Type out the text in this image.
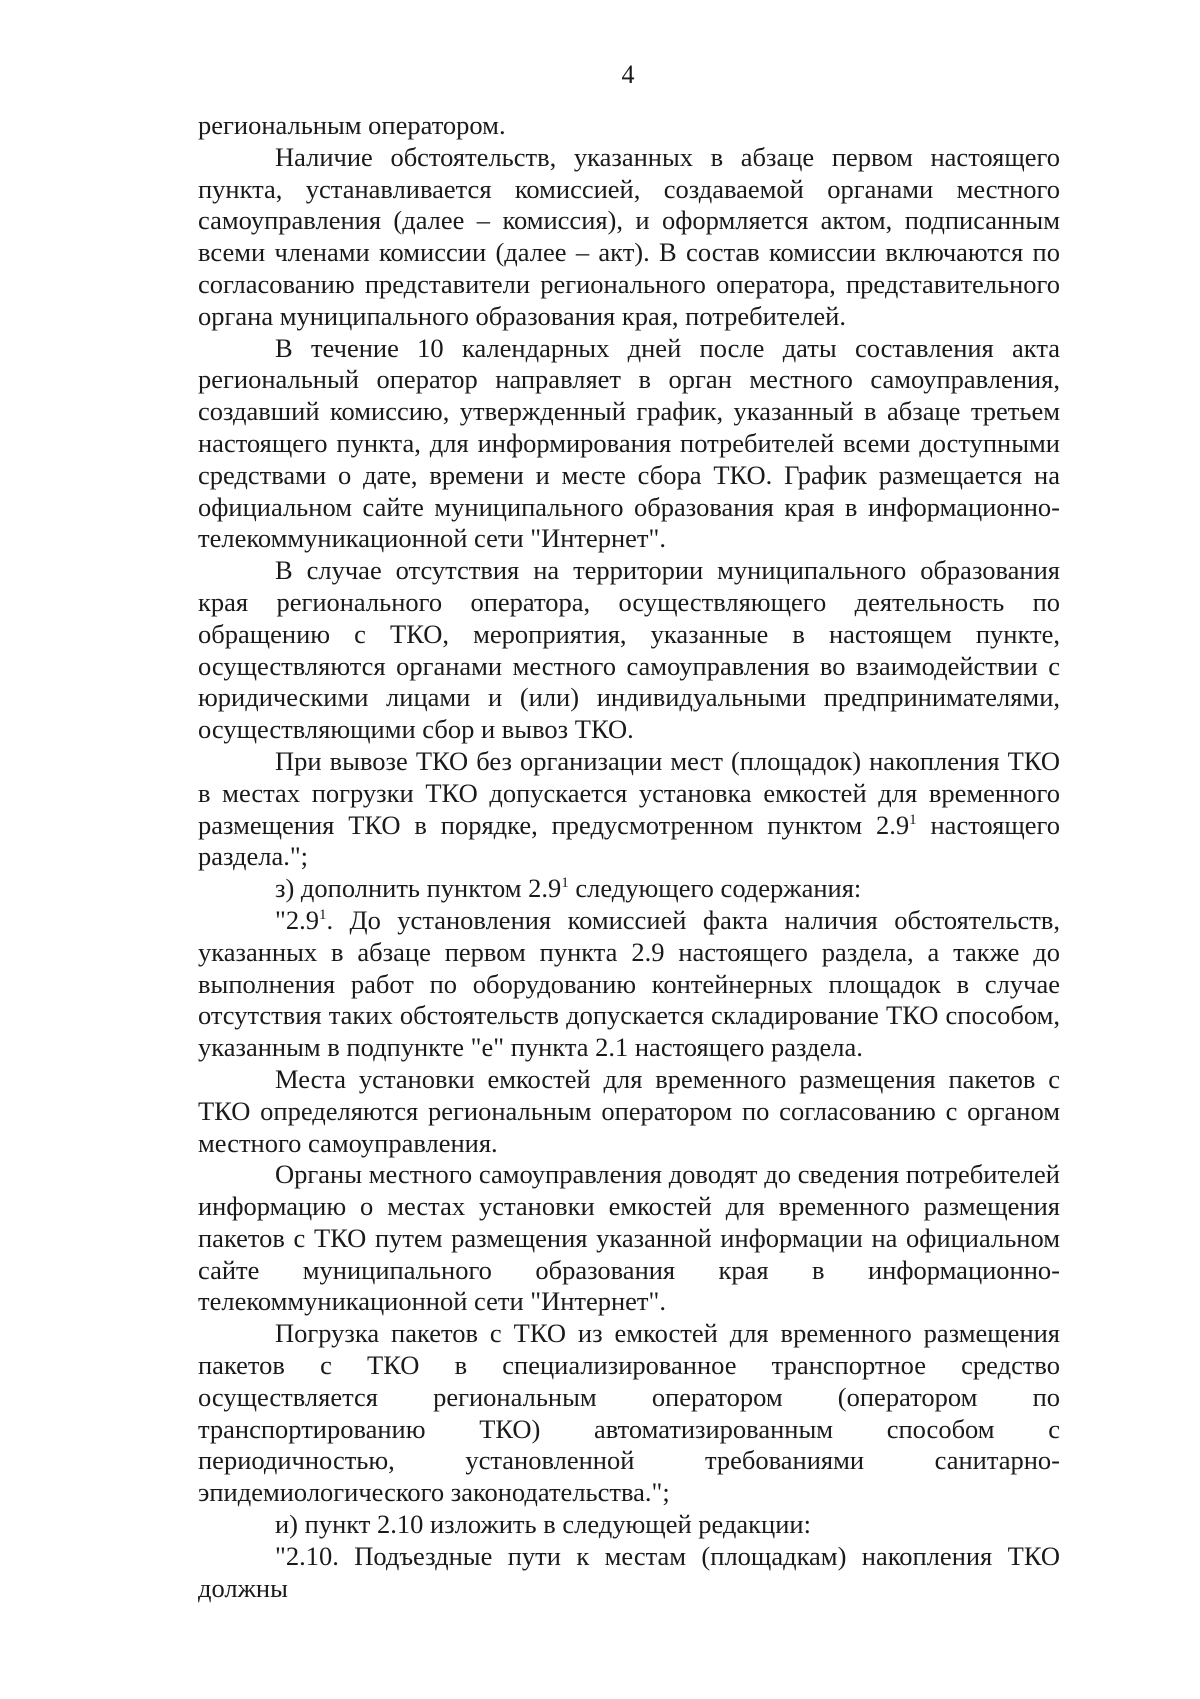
4

региональным оператором.

Наличие обстоятельств, указанных в абзаце первом настоящего пункта, устанавливается комиссией, создаваемой органами местного самоуправления (далее – комиссия), и оформляется актом, подписанным всеми членами комиссии (далее – акт). В состав комиссии включаются по согласованию представители регионального оператора, представительного органа муниципального образования края, потребителей.

В течение 10 календарных дней после даты составления акта региональный оператор направляет в орган местного самоуправления, создавший комиссию, утвержденный график, указанный в абзаце третьем настоящего пункта, для информирования потребителей всеми доступными средствами о дате, времени и месте сбора ТКО. График размещается на официальном сайте муниципального образования края в информационно-телекоммуникационной сети "Интернет".

В случае отсутствия на территории муниципального образования края регионального оператора, осуществляющего деятельность по обращению с ТКО, мероприятия, указанные в настоящем пункте, осуществляются органами местного самоуправления во взаимодействии с юридическими лицами и (или) индивидуальными предпринимателями, осуществляющими сбор и вывоз ТКО.

При вывозе ТКО без организации мест (площадок) накопления ТКО в местах погрузки ТКО допускается установка емкостей для временного размещения ТКО в порядке, предусмотренном пунктом $2.9^1$ настоящего раздела.";

з) дополнить пунктом $2.9^1$ следующего содержания:

"$2.9^1$. До установления комиссией факта наличия обстоятельств, указанных в абзаце первом пункта 2.9 настоящего раздела, а также до выполнения работ по оборудованию контейнерных площадок в случае отсутствия таких обстоятельств допускается складирование ТКО способом, указанным в подпункте "е" пункта 2.1 настоящего раздела.

Места установки емкостей для временного размещения пакетов с ТКО определяются региональным оператором по согласованию с органом местного самоуправления.

Органы местного самоуправления доводят до сведения потребителей информацию о местах установки емкостей для временного размещения пакетов с ТКО путем размещения указанной информации на официальном сайте муниципального образования края в информационно-телекоммуникационной сети "Интернет".

Погрузка пакетов с ТКО из емкостей для временного размещения пакетов с ТКО в специализированное транспортное средство осуществляется региональным оператором (оператором по транспортированию ТКО) автоматизированным способом с периодичностью, установленной требованиями санитарно-эпидемиологического законодательства.";

и) пункт 2.10 изложить в следующей редакции:

"2.10. Подъездные пути к местам (площадкам) накопления ТКО должны
